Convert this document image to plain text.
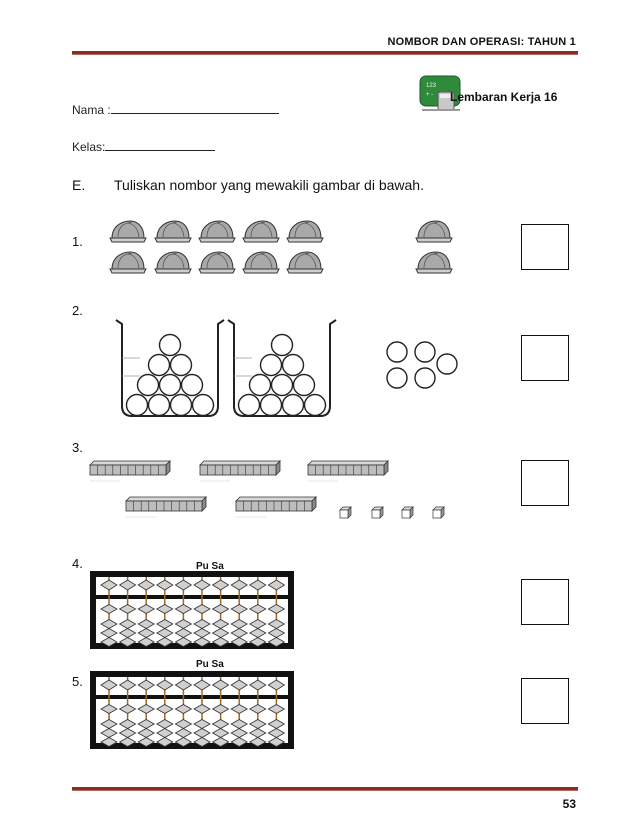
NOMBOR DAN OPERASI: TAHUN 1
123
+ - Lembaran Kerja 16
Nama :
Kelas:
E. Tuliskan nombor yang mewakili gambar di bawah.
1.
2.
3.
4.
5.
Pu Sa
Pu Sa
53
